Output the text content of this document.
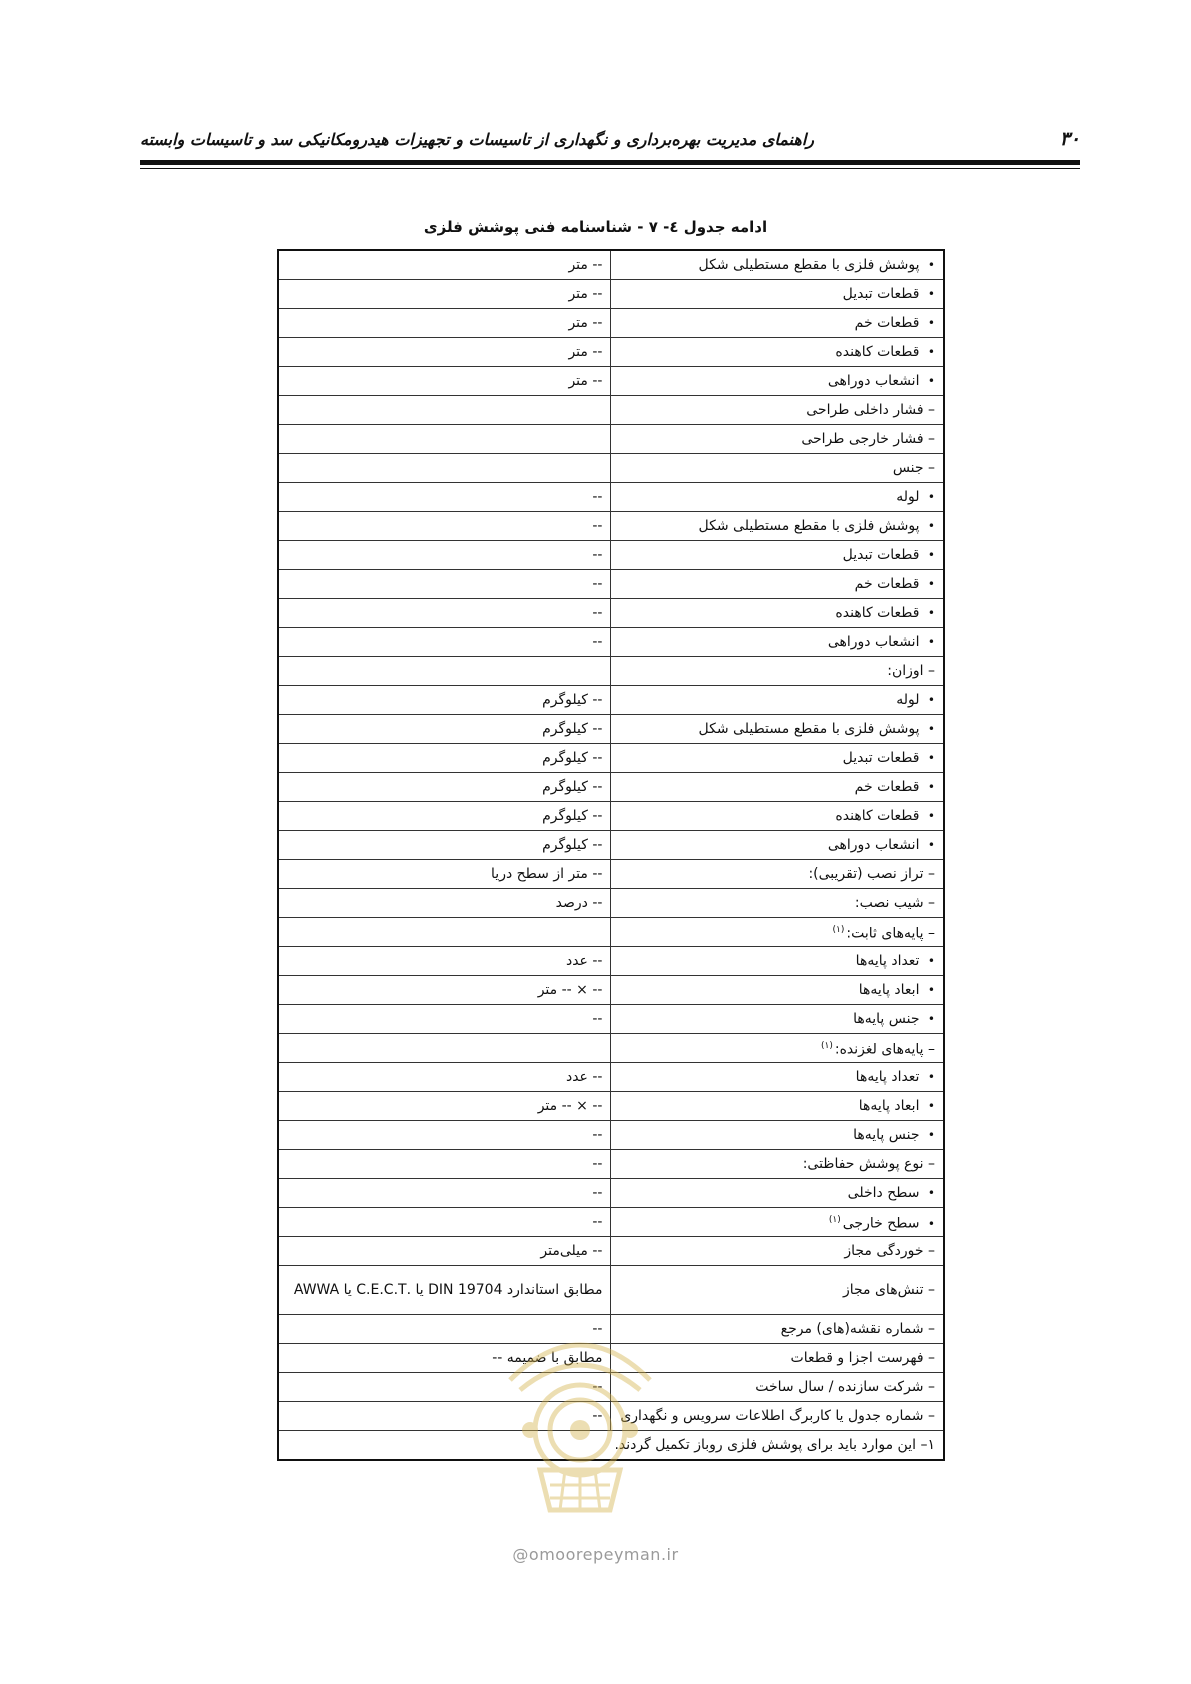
۳۰
راهنمای مدیریت بهره‌برداری و نگهداری از تاسیسات و تجهیزات هیدرومکانیکی سد و تاسیسات وابسته
ادامه جدول ٤- ۷ - شناسنامه فنی پوشش فلزی
• پوشش فلزی با مقطع مستطیلی شکل	-- متر
• قطعات تبدیل	-- متر
• قطعات خم	-- متر
• قطعات کاهنده	-- متر
• انشعاب دوراهی	-- متر
– فشار داخلی طراحی	
– فشار خارجی طراحی	
– جنس	
• لوله	--
• پوشش فلزی با مقطع مستطیلی شکل	--
• قطعات تبدیل	--
• قطعات خم	--
• قطعات کاهنده	--
• انشعاب دوراهی	--
– اوزان:	
• لوله	-- کیلوگرم
• پوشش فلزی با مقطع مستطیلی شکل	-- کیلوگرم
• قطعات تبدیل	-- کیلوگرم
• قطعات خم	-- کیلوگرم
• قطعات کاهنده	-- کیلوگرم
• انشعاب دوراهی	-- کیلوگرم
– تراز نصب (تقریبی):	-- متر از سطح دریا
– شیب نصب:	-- درصد
– پایه‌های ثابت:$^{(۱)}$	
• تعداد پایه‌ها	-- عدد
• ابعاد پایه‌ها	-- × -- متر
• جنس پایه‌ها	--
– پایه‌های لغزنده:$^{(۱)}$	
• تعداد پایه‌ها	-- عدد
• ابعاد پایه‌ها	-- × -- متر
• جنس پایه‌ها	--
– نوع پوشش حفاظتی:	--
• سطح داخلی	--
• سطح خارجی$^{(۱)}$	--
– خوردگی مجاز	-- میلی‌متر
– تنش‌های مجاز	مطابق استاندارد DIN 19704 یا .C.E.C.T یا AWWA
– شماره نقشه(های) مرجع	--
– فهرست اجزا و قطعات	مطابق با ضمیمه --
– شرکت سازنده / سال ساخت	--
– شماره جدول یا کاربرگ اطلاعات سرویس و نگهداری	--
۱– این موارد باید برای پوشش فلزی روباز تکمیل گردند.	
@omoorepeyman.ir
